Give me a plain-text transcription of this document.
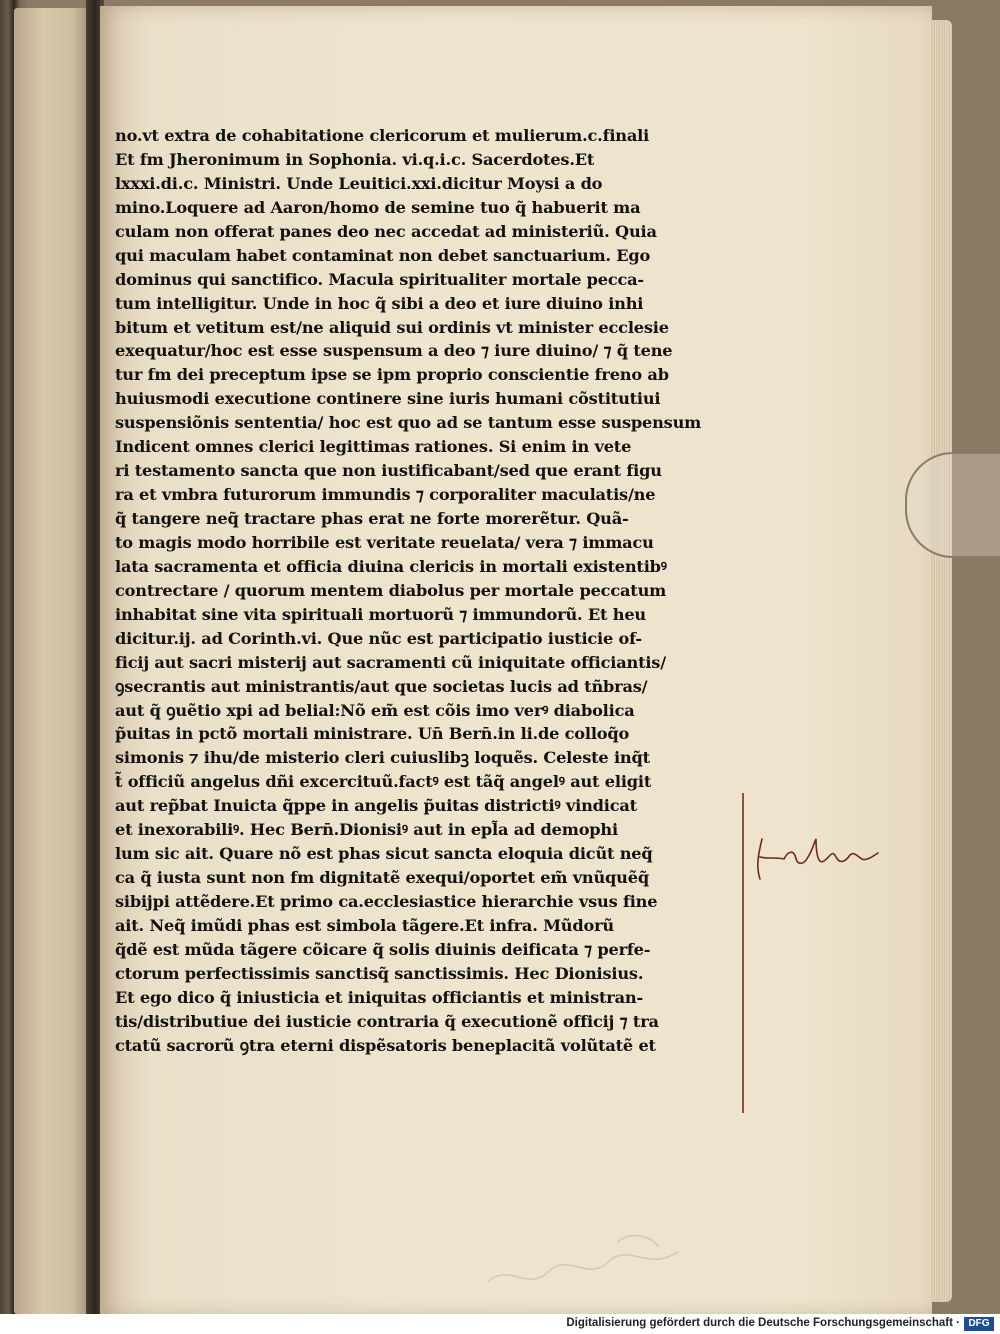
no.vt extra de cohabitatione clericorum et mulierum.c.finali
Et fm Jheronimum in Sophonia. vi.q.i.c. Sacerdotes.Et
lxxxi.di.c. Ministri. Unde Leuitici.xxi.dicitur Moysi a do
mino.Loquere ad Aaron/homo de semine tuo q̃ habuerit ma
culam non offerat panes deo nec accedat ad ministeriũ. Quia
qui maculam habet contaminat non debet sanctuarium. Ego
dominus qui sanctifico. Macula spiritualiter mortale pecca-
tum intelligitur. Unde in hoc q̃ sibi a deo et iure diuino inhi
bitum et vetitum est/ne aliquid sui ordinis vt minister ecclesie
exequatur/hoc est esse suspensum a deo ⁊ iure diuino/ ⁊ q̃ tene
tur fm dei preceptum ipse se ipm proprio conscientie freno ab
huiusmodi executione continere sine iuris humani cõstitutiui
suspensiõnis sententia/ hoc est quo ad se tantum esse suspensum
Indicent omnes clerici legittimas rationes. Si enim in vete
ri testamento sancta que non iustificabant/sed que erant figu
ra et vmbra futurorum immundis ⁊ corporaliter maculatis/ne
q̃ tangere neq̃ tractare phas erat ne forte morerẽtur. Quã-
to magis modo horribile est veritate reuelata/ vera ⁊ immacu
lata sacramenta et officia diuina clericis in mortali existentibꝰ
contrectare / quorum mentem diabolus per mortale peccatum
inhabitat sine vita spirituali mortuorũ ⁊ immundorũ. Et heu
dicitur.ij. ad Corinth.vi. Que nũc est participatio iusticie of-
ficij aut sacri misterij aut sacramenti cũ iniquitate officiantis/
ꝯsecrantis aut ministrantis/aut que societas lucis ad tñbras/
aut q̃ ꝯuẽtio xpi ad belial:Nõ em̃ est cõis imo verꝰ diabolica
p̃uitas in pctõ mortali ministrare. Un̄ Bern̄.in li.de colloq̃o
simonis ⁊ ihu/de misterio cleri cuiuslibꝫ loquẽs. Celeste inq̃t
t̃ officiũ angelus dñi excercituũ.factꝰ est tãq̃ angelꝰ aut eligit
aut rep̃bat Inuicta q̃ppe in angelis p̃uitas districtiꝰ vindicat
et inexorabiliꝰ. Hec Bern̄.Dionisiꝰ aut in epl̃a ad demophi
lum sic ait. Quare nõ est phas sicut sancta eloquia dicũt neq̃
ca q̃ iusta sunt non fm dignitatẽ exequi/oportet em̃ vnũquẽq̃
sibijpi attẽdere.Et primo ca.ecclesiastice hierarchie vsus fine
ait. Neq̃ imũdi phas est simbola tãgere.Et infra. Mũdorũ
q̃dẽ est mũda tãgere cõicare q̃ solis diuinis deificata ⁊ perfe-
ctorum perfectissimis sanctisq̃ sanctissimis. Hec Dionisius.
Et ego dico q̃ iniusticia et iniquitas officiantis et ministran-
tis/distributiue dei iusticie contraria q̃ executionẽ officij ⁊ tra
ctatũ sacrorũ ꝯtra eterni dispẽsatoris beneplacitã volũtatẽ et
Digitalisierung gefördert durch die Deutsche Forschungsgemeinschaft · DFG
